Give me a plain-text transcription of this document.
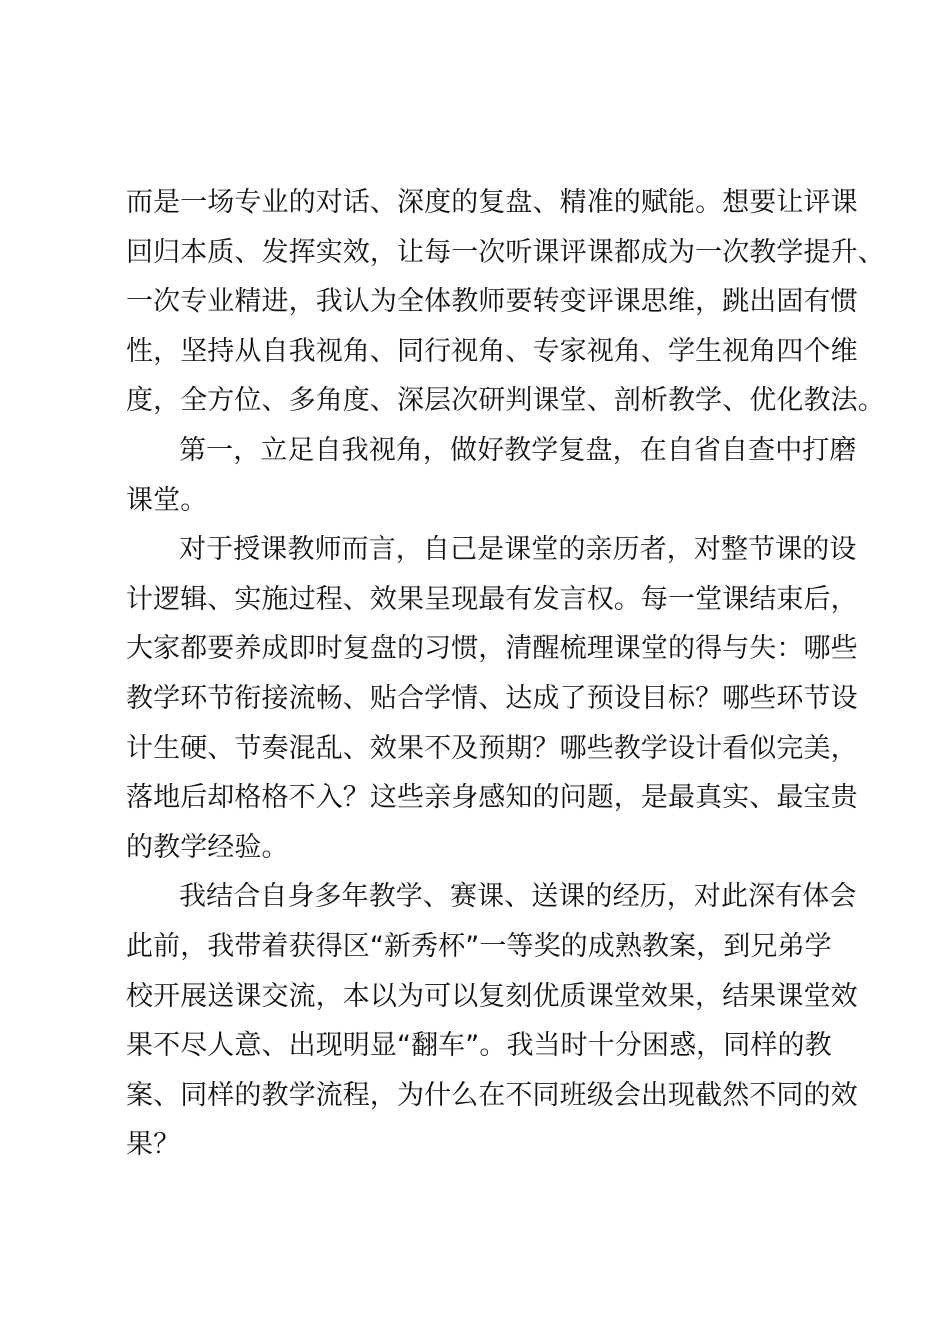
而是一场专业的对话、深度的复盘、精准的赋能。想要让评课
回归本质、发挥实效，让每一次听课评课都成为一次教学提升、
一次专业精进，我认为全体教师要转变评课思维，跳出固有惯
性，坚持从自我视角、同行视角、专家视角、学生视角四个维
度，全方位、多角度、深层次研判课堂、剖析教学、优化教法。
第一，立足自我视角，做好教学复盘，在自省自查中打磨
课堂。
对于授课教师而言，自己是课堂的亲历者，对整节课的设
计逻辑、实施过程、效果呈现最有发言权。每一堂课结束后，
大家都要养成即时复盘的习惯，清醒梳理课堂的得与失：哪些
教学环节衔接流畅、贴合学情、达成了预设目标？哪些环节设
计生硬、节奏混乱、效果不及预期？哪些教学设计看似完美，
落地后却格格不入？这些亲身感知的问题，是最真实、最宝贵
的教学经验。
我结合自身多年教学、赛课、送课的经历，对此深有体会
此前，我带着获得区“新秀杯”一等奖的成熟教案，到兄弟学
校开展送课交流，本以为可以复刻优质课堂效果，结果课堂效
果不尽人意、出现明显“翻车”。我当时十分困惑，同样的教
案、同样的教学流程，为什么在不同班级会出现截然不同的效
果？
